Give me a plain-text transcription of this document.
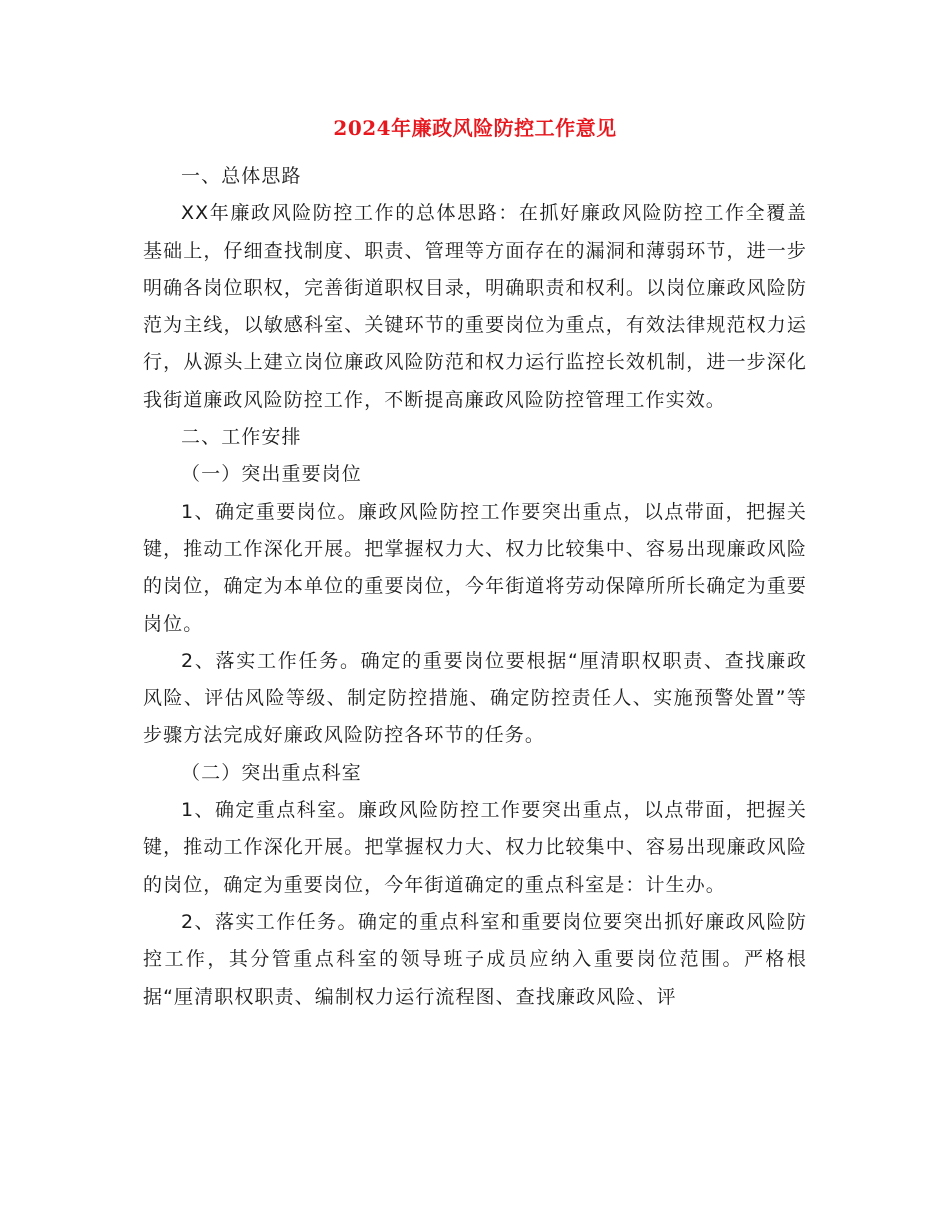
2024年廉政风险防控工作意见

一、总体思路

XX年廉政风险防控工作的总体思路：在抓好廉政风险防控工作全覆盖基础上，仔细查找制度、职责、管理等方面存在的漏洞和薄弱环节，进一步明确各岗位职权，完善街道职权目录，明确职责和权利。以岗位廉政风险防范为主线，以敏感科室、关键环节的重要岗位为重点，有效法律规范权力运行，从源头上建立岗位廉政风险防范和权力运行监控长效机制，进一步深化我街道廉政风险防控工作，不断提高廉政风险防控管理工作实效。

二、工作安排

（一）突出重要岗位

1、确定重要岗位。廉政风险防控工作要突出重点，以点带面，把握关键，推动工作深化开展。把掌握权力大、权力比较集中、容易出现廉政风险的岗位，确定为本单位的重要岗位，今年街道将劳动保障所所长确定为重要岗位。

2、落实工作任务。确定的重要岗位要根据“厘清职权职责、查找廉政风险、评估风险等级、制定防控措施、确定防控责任人、实施预警处置”等步骤方法完成好廉政风险防控各环节的任务。

（二）突出重点科室

1、确定重点科室。廉政风险防控工作要突出重点，以点带面，把握关键，推动工作深化开展。把掌握权力大、权力比较集中、容易出现廉政风险的岗位，确定为重要岗位，今年街道确定的重点科室是：计生办。

2、落实工作任务。确定的重点科室和重要岗位要突出抓好廉政风险防控工作，其分管重点科室的领导班子成员应纳入重要岗位范围。严格根据“厘清职权职责、编制权力运行流程图、查找廉政风险、评
